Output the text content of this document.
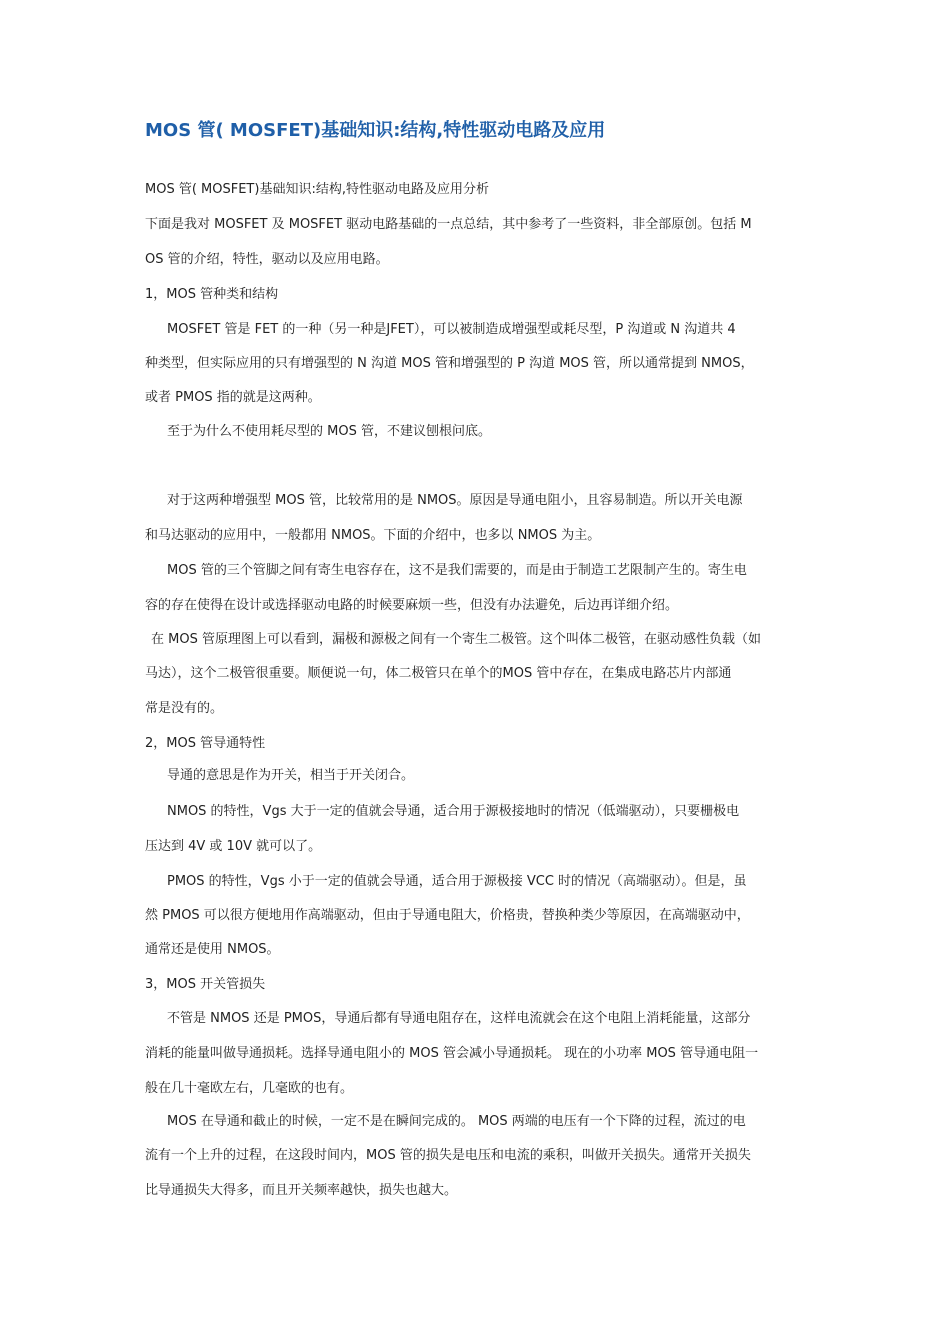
MOS 管( MOSFET)基础知识:结构,特性驱动电路及应用
MOS 管( MOSFET)基础知识:结构,特性驱动电路及应用分析
下面是我对 MOSFET 及 MOSFET 驱动电路基础的一点总结，其中参考了一些资料，非全部原创。包括 M
OS 管的介绍，特性，驱动以及应用电路。
1，MOS 管种类和结构
MOSFET 管是 FET 的一种（另一种是JFET），可以被制造成增强型或耗尽型，P 沟道或 N 沟道共 4
种类型，但实际应用的只有增强型的 N 沟道 MOS 管和增强型的 P 沟道 MOS 管，所以通常提到 NMOS，
或者 PMOS 指的就是这两种。
至于为什么不使用耗尽型的 MOS 管，不建议刨根问底。
对于这两种增强型 MOS 管，比较常用的是 NMOS。原因是导通电阻小，且容易制造。所以开关电源
和马达驱动的应用中，一般都用 NMOS。下面的介绍中，也多以 NMOS 为主。
MOS 管的三个管脚之间有寄生电容存在，这不是我们需要的，而是由于制造工艺限制产生的。寄生电
容的存在使得在设计或选择驱动电路的时候要麻烦一些，但没有办法避免，后边再详细介绍。
在 MOS 管原理图上可以看到，漏极和源极之间有一个寄生二极管。这个叫体二极管，在驱动感性负载（如
马达），这个二极管很重要。顺便说一句，体二极管只在单个的MOS 管中存在，在集成电路芯片内部通
常是没有的。
2，MOS 管导通特性
导通的意思是作为开关，相当于开关闭合。
NMOS 的特性，Vgs 大于一定的值就会导通，适合用于源极接地时的情况（低端驱动），只要栅极电
压达到 4V 或 10V 就可以了。
PMOS 的特性，Vgs 小于一定的值就会导通，适合用于源极接 VCC 时的情况（高端驱动）。但是，虽
然 PMOS 可以很方便地用作高端驱动，但由于导通电阻大，价格贵，替换种类少等原因，在高端驱动中，
通常还是使用 NMOS。
3，MOS 开关管损失
不管是 NMOS 还是 PMOS，导通后都有导通电阻存在，这样电流就会在这个电阻上消耗能量，这部分
消耗的能量叫做导通损耗。选择导通电阻小的 MOS 管会减小导通损耗。 现在的小功率 MOS 管导通电阻一
般在几十毫欧左右，几毫欧的也有。
MOS 在导通和截止的时候，一定不是在瞬间完成的。 MOS 两端的电压有一个下降的过程，流过的电
流有一个上升的过程，在这段时间内，MOS 管的损失是电压和电流的乘积，叫做开关损失。通常开关损失
比导通损失大得多，而且开关频率越快，损失也越大。
